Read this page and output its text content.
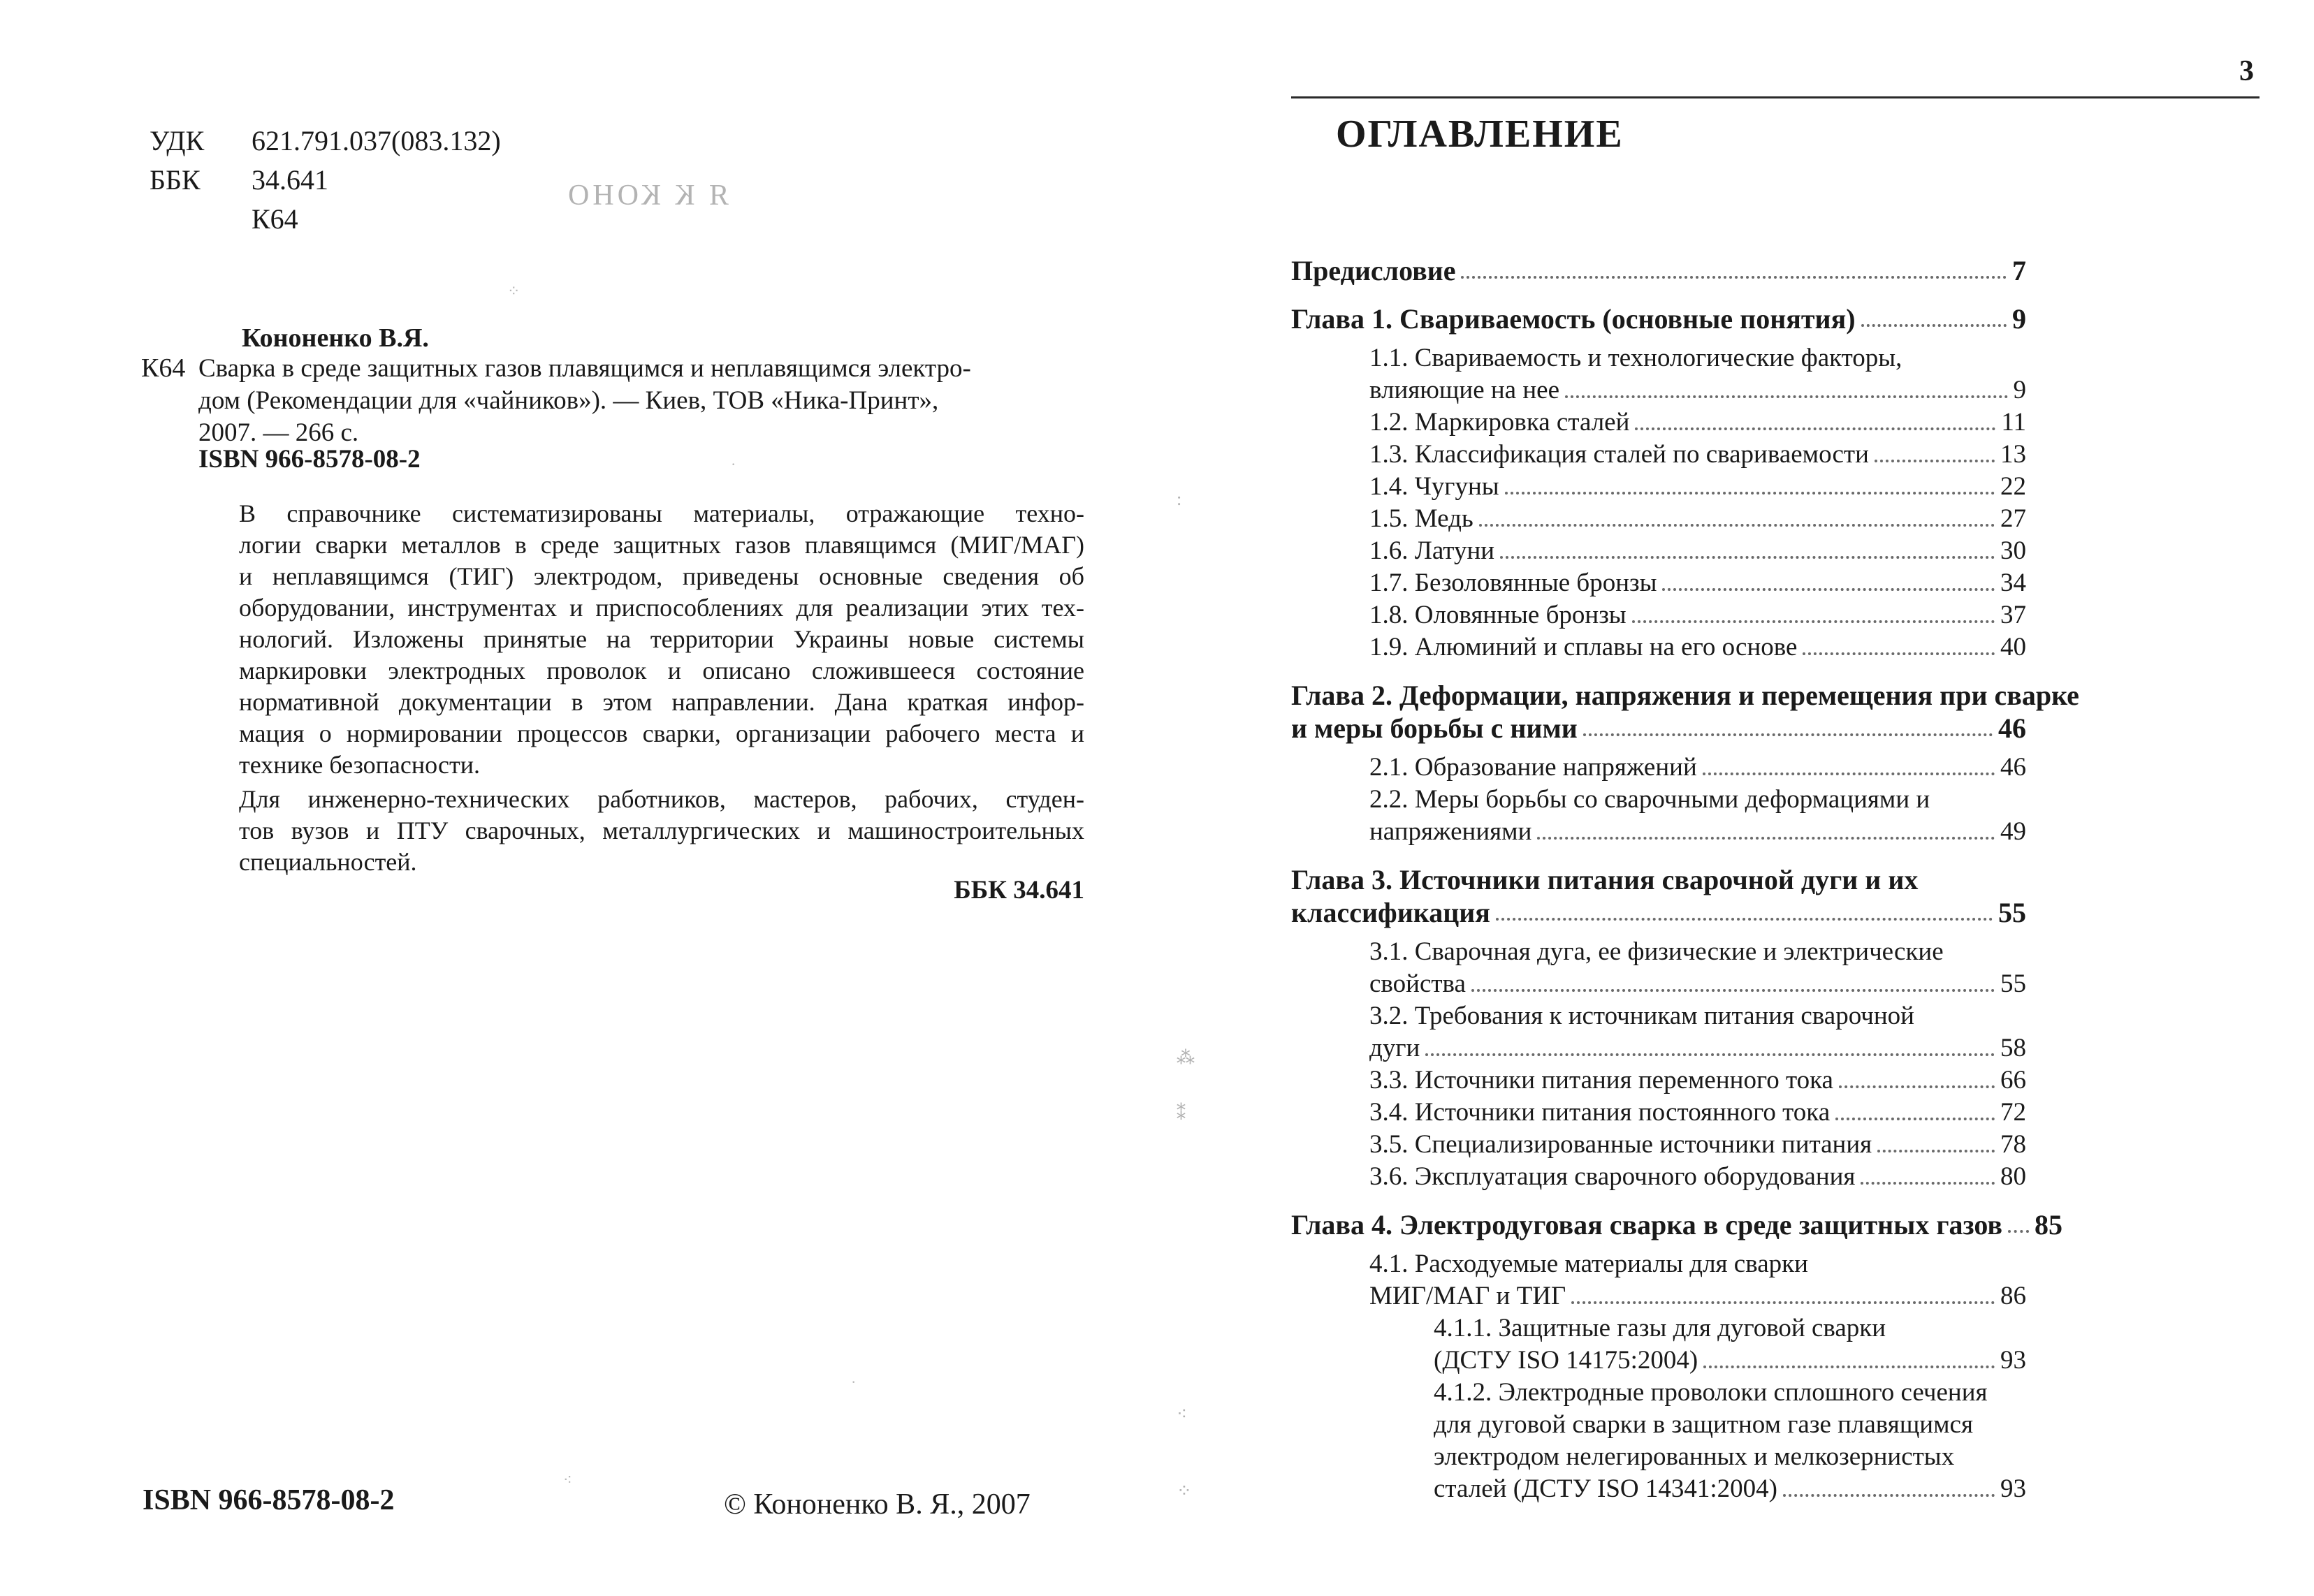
УДК	621.791.037(083.132)
ББК	34.641
К64
Я К КОНО
Кононенко В.Я.
К64 Сварка в среде защитных газов плавящимся и неплавящимся электро-
дом (Рекомендации для «чайников»). — Киев, ТОВ «Ника-Принт»,
2007. — 266 с.
ISBN 966-8578-08-2

В справочнике систематизированы материалы, отражающие техно-
логии сварки металлов в среде защитных газов плавящимся (МИГ/МАГ)
и неплавящимся (ТИГ) электродом, приведены основные сведения об
оборудовании, инструментах и приспособлениях для реализации этих тех-
нологий. Изложены принятые на территории Украины новые системы
маркировки электродных проволок и описано сложившееся состояние
нормативной документации в этом направлении. Дана краткая инфор-
мация о нормировании процессов сварки, организации рабочего места и
технике безопасности.

Для инженерно-технических работников, мастеров, рабочих, студен-
тов вузов и ПТУ сварочных, металлургических и машиностроительных
специальностей.

ББК 34.641
ISBN 966-8578-08-2	© Кононенко В. Я., 2007
⁘
·
⁖
·
3
ОГЛАВЛЕНИЕ
Предисловие	7
Глава 1. Свариваемость (основные понятия)	9
1.1. Свариваемость и технологические факторы,
влияющие на нее	9
1.2. Маркировка сталей	11
1.3. Классификация сталей по свариваемости	13
1.4. Чугуны	22
1.5. Медь	27
1.6. Латуни	30
1.7. Безоловянные бронзы	34
1.8. Оловянные бронзы	37
1.9. Алюминий и сплавы на его основе	40
Глава 2. Деформации, напряжения и перемещения при сварке
и меры борьбы с ними	46
2.1. Образование напряжений	46
2.2. Меры борьбы со сварочными деформациями и
напряжениями	49
Глава 3. Источники питания сварочной дуги и их
классификация	55
3.1. Сварочная дуга, ее физические и электрические
свойства	55
3.2. Требования к источникам питания сварочной
дуги	58
3.3. Источники питания переменного тока	66
3.4. Источники питания постоянного тока	72
3.5. Специализированные источники питания	78
3.6. Эксплуатация сварочного оборудования	80
Глава 4. Электродуговая сварка в среде защитных газов 85
4.1. Расходуемые материалы для сварки
МИГ/МАГ и ТИГ	86
4.1.1. Защитные газы для дуговой сварки
(ДСТУ ISO 14175:2004)	93
4.1.2. Электродные проволоки сплошного сечения
для дуговой сварки в защитном газе плавящимся
электродом нелегированных и мелкозернистых
сталей (ДСТУ ISO 14341:2004)	93
:
⁂
⁑
⁖
⁘
